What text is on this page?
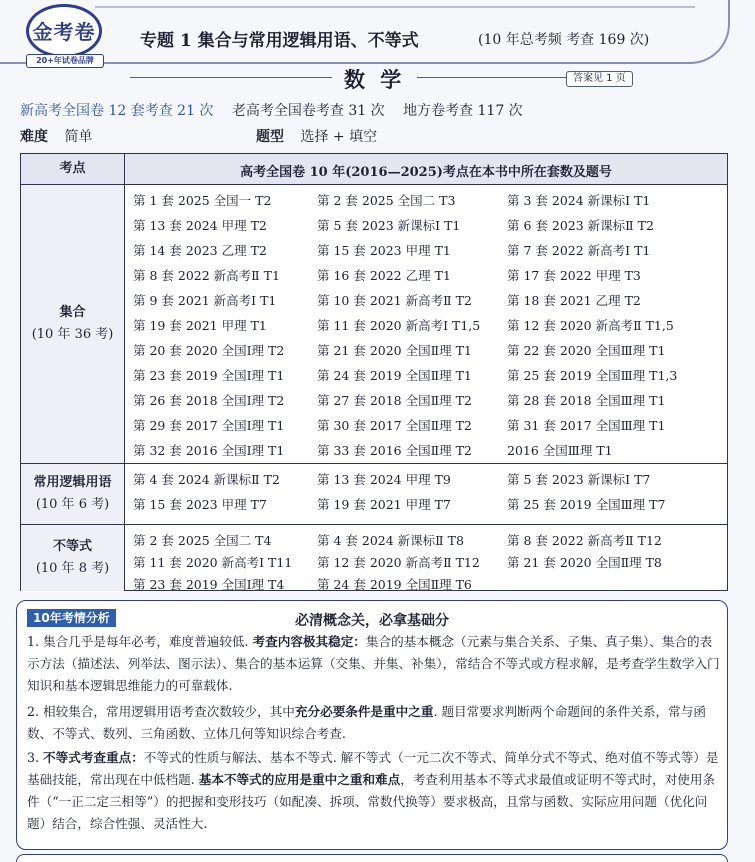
金考卷
20+年试卷品牌
专题 1 集合与常用逻辑用语、不等式	(10 年总考频 考查 169 次)
数 学	答案见 1 页
新高考全国卷 12 套考查 21 次 老高考全国卷考查 31 次 地方卷考查 117 次
难度 简单	题型 选择 + 填空
考点	高考全国卷 10 年(2016—2025)考点在本书中所在套数及题号
集合
(10 年 36 考)
第 1 套 2025 全国一 T2	第 2 套 2025 全国二 T3	第 3 套 2024 新课标Ⅰ T1
第 13 套 2024 甲理 T2	第 5 套 2023 新课标Ⅰ T1	第 6 套 2023 新课标Ⅱ T2
第 14 套 2023 乙理 T2	第 15 套 2023 甲理 T1	第 7 套 2022 新高考Ⅰ T1
第 8 套 2022 新高考Ⅱ T1	第 16 套 2022 乙理 T1	第 17 套 2022 甲理 T3
第 9 套 2021 新高考Ⅰ T1	第 10 套 2021 新高考Ⅱ T2	第 18 套 2021 乙理 T2
第 19 套 2021 甲理 T1	第 11 套 2020 新高考Ⅰ T1,5 第 12 套 2020 新高考Ⅱ T1,5
第 20 套 2020 全国Ⅰ理 T2	第 21 套 2020 全国Ⅱ理 T1	第 22 套 2020 全国Ⅲ理 T1
第 23 套 2019 全国Ⅰ理 T1	第 24 套 2019 全国Ⅱ理 T1	第 25 套 2019 全国Ⅲ理 T1,3
第 26 套 2018 全国Ⅰ理 T2	第 27 套 2018 全国Ⅱ理 T2	第 28 套 2018 全国Ⅲ理 T1
第 29 套 2017 全国Ⅰ理 T1	第 30 套 2017 全国Ⅱ理 T2	第 31 套 2017 全国Ⅲ理 T1
第 32 套 2016 全国Ⅰ理 T1	第 33 套 2016 全国Ⅱ理 T2	2016 全国Ⅲ理 T1
常用逻辑用语
(10 年 6 考)
第 4 套 2024 新课标Ⅱ T2	第 13 套 2024 甲理 T9	第 5 套 2023 新课标Ⅰ T7
第 15 套 2023 甲理 T7	第 19 套 2021 甲理 T7	第 25 套 2019 全国Ⅲ理 T7
不等式
(10 年 8 考)
第 2 套 2025 全国二 T4	第 4 套 2024 新课标Ⅱ T8	第 8 套 2022 新高考Ⅱ T12
第 11 套 2020 新高考Ⅰ T11 第 12 套 2020 新高考Ⅱ T12 第 21 套 2020 全国Ⅱ理 T8
第 23 套 2019 全国Ⅰ理 T4	第 24 套 2019 全国Ⅱ理 T6
10年考情分析	必清概念关，必拿基础分
1. 集合几乎是每年必考，难度普遍较低. 考查内容极其稳定：集合的基本概念（元素与集合关系、子集、真子集）、集合的表示方法（描述法、列举法、图示法）、集合的基本运算（交集、并集、补集），常结合不等式或方程求解，是考查学生数学入门知识和基本逻辑思维能力的可靠载体.
2. 相较集合，常用逻辑用语考查次数较少，其中充分必要条件是重中之重. 题目常要求判断两个命题间的条件关系，常与函数、不等式、数列、三角函数、立体几何等知识综合考查.
3. 不等式考查重点：不等式的性质与解法、基本不等式. 解不等式（一元二次不等式、简单分式不等式、绝对值不等式等）是基础技能，常出现在中低档题. 基本不等式的应用是重中之重和难点，考查利用基本不等式求最值或证明不等式时，对使用条件（“一正二定三相等”）的把握和变形技巧（如配凑、拆项、常数代换等）要求极高，且常与函数、实际应用问题（优化问题）结合，综合性强、灵活性大.
